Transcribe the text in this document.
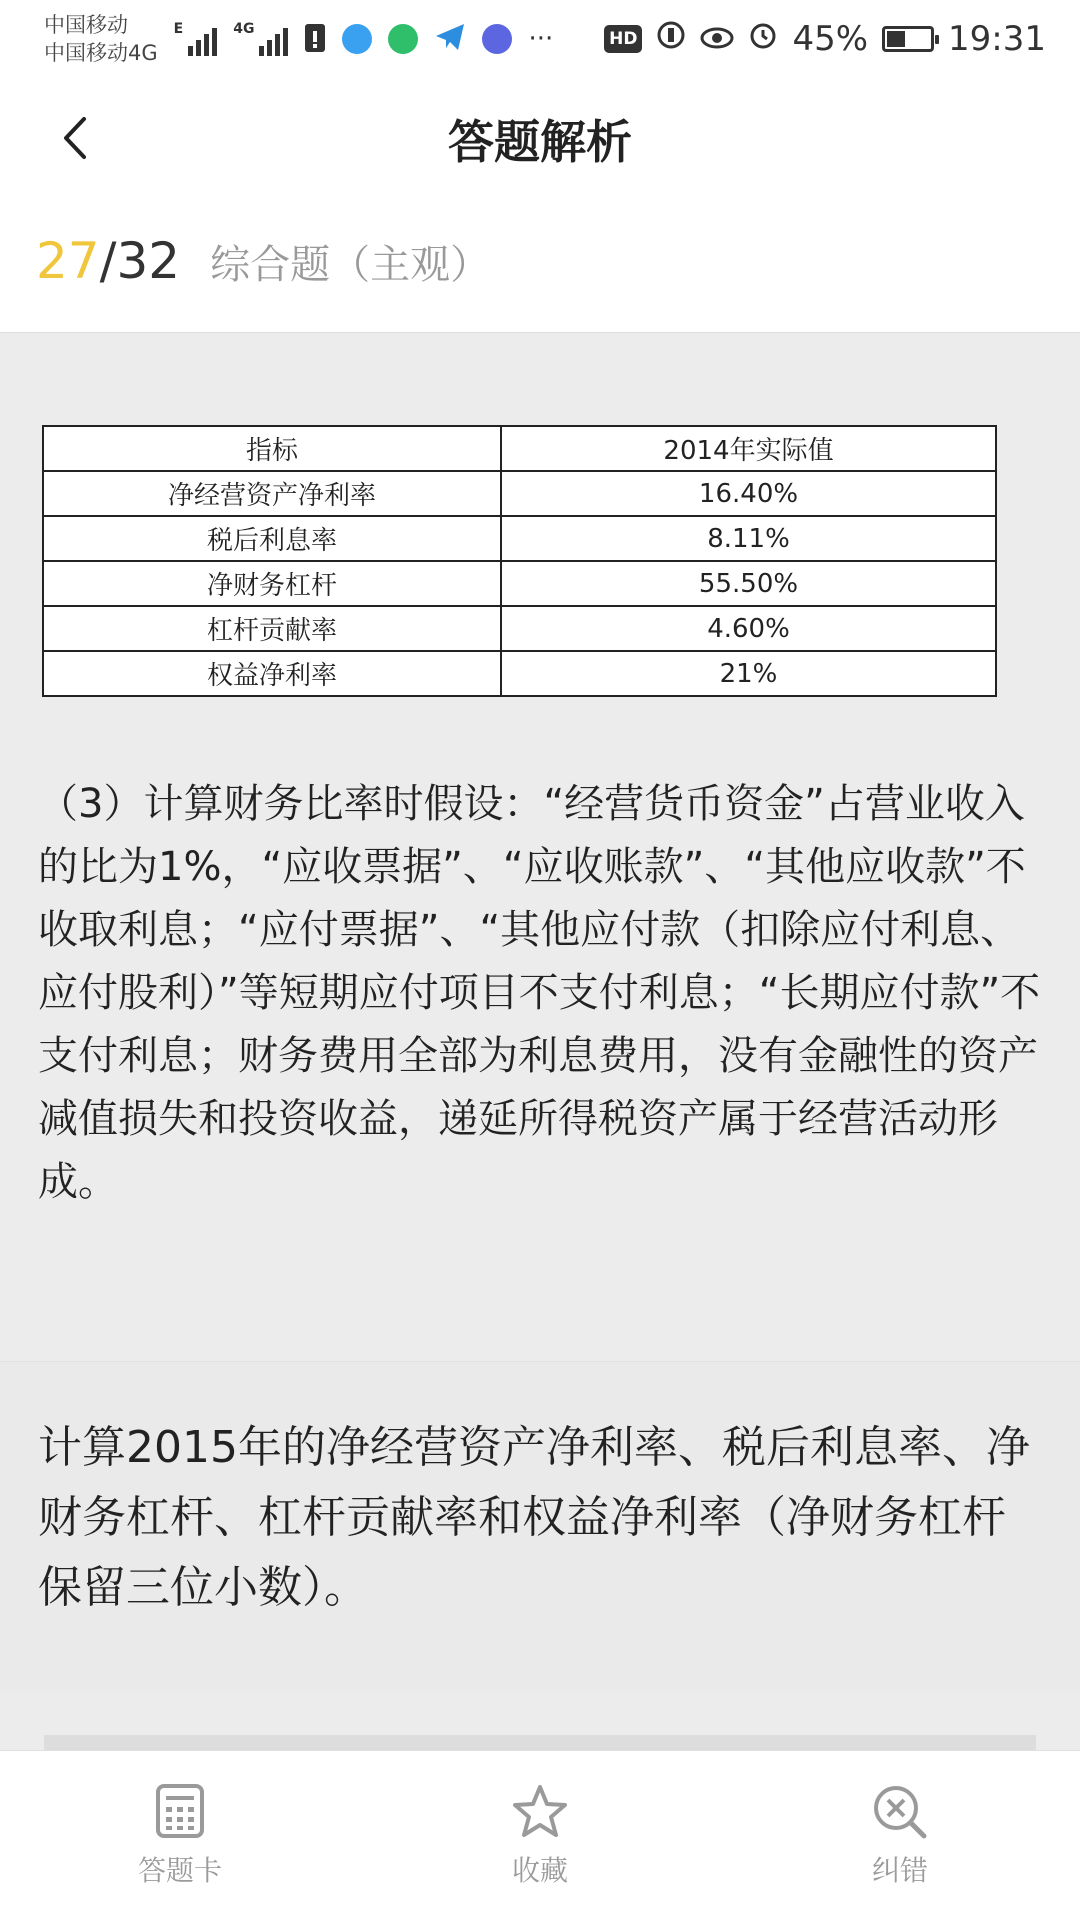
中国移动
中国移动4G
E	4G	···	HD	45% 19:31
答题解析
27 / 32 综合题（主观）
指标	2014年实际值
净经营资产净利率	16.40%
税后利息率	8.11%
净财务杠杆	55.50%
杠杆贡献率	4.60%
权益净利率	21%

（3）计算财务比率时假设：“经营货币资金”占营业收入的比为1%，“应收票据”、“应收账款”、“其他应收款”不收取利息；“应付票据”、“其他应付款（扣除应付利息、应付股利）”等短期应付项目不支付利息；“长期应付款”不支付利息；财务费用全部为利息费用，没有金融性的资产减值损失和投资收益，递延所得税资产属于经营活动形成。

计算2015年的净经营资产净利率、税后利息率、净财务杠杆、杠杆贡献率和权益净利率（净财务杠杆保留三位小数）。

答题卡	收藏	纠错
